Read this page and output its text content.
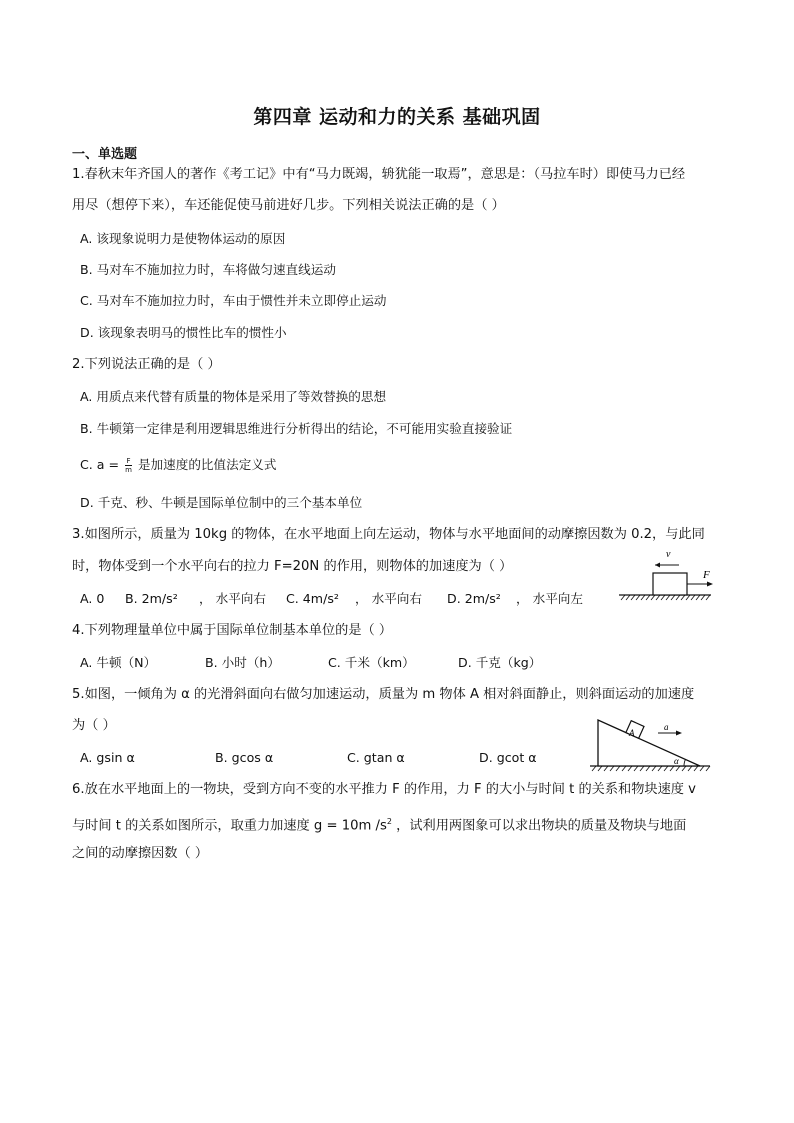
第四章 运动和力的关系 基础巩固
一、单选题
1.春秋末年齐国人的著作《考工记》中有“马力既竭，辀犹能一取焉”，意思是：（马拉车时）即使马力已经
用尽（想停下来），车还能促使马前进好几步。下列相关说法正确的是（ ）
A. 该现象说明力是使物体运动的原因
B. 马对车不施加拉力时，车将做匀速直线运动
C. 马对车不施加拉力时，车由于惯性并未立即停止运动
D. 该现象表明马的惯性比车的惯性小
2.下列说法正确的是（ ）
A. 用质点来代替有质量的物体是采用了等效替换的思想
B. 牛顿第一定律是利用逻辑思维进行分析得出的结论，不可能用实验直接验证
C. $a = \frac{F}{m}$ 是加速度的比值法定义式
D. 千克、秒、牛顿是国际单位制中的三个基本单位
3.如图所示，质量为 10kg 的物体，在水平地面上向左运动，物体与水平地面间的动摩擦因数为 0.2，与此同
时，物体受到一个水平向右的拉力 F=20N 的作用，则物体的加速度为（ ）
A. 0 B. 2m/s² ， 水平向右 C. 4m/s² ， 水平向右 D. 2m/s² ， 水平向左
v
F
4.下列物理量单位中属于国际单位制基本单位的是（ ）
A. 牛顿（N）	B. 小时（h）	C. 千米（km）	D. 千克（kg）
5.如图，一倾角为 α 的光滑斜面向右做匀加速运动，质量为 m 物体 A 相对斜面静止，则斜面运动的加速度
为（ ）
A. gsin α	B. gcos α	C. gtan α	D. gcot α
A
a
α
6.放在水平地面上的一物块，受到方向不变的水平推力 F 的作用，力 F 的大小与时间 t 的关系和物块速度 v
与时间 t 的关系如图所示，取重力加速度 g = 10m $/s^2$ ，试利用两图象可以求出物块的质量及物块与地面
之间的动摩擦因数（ ）
